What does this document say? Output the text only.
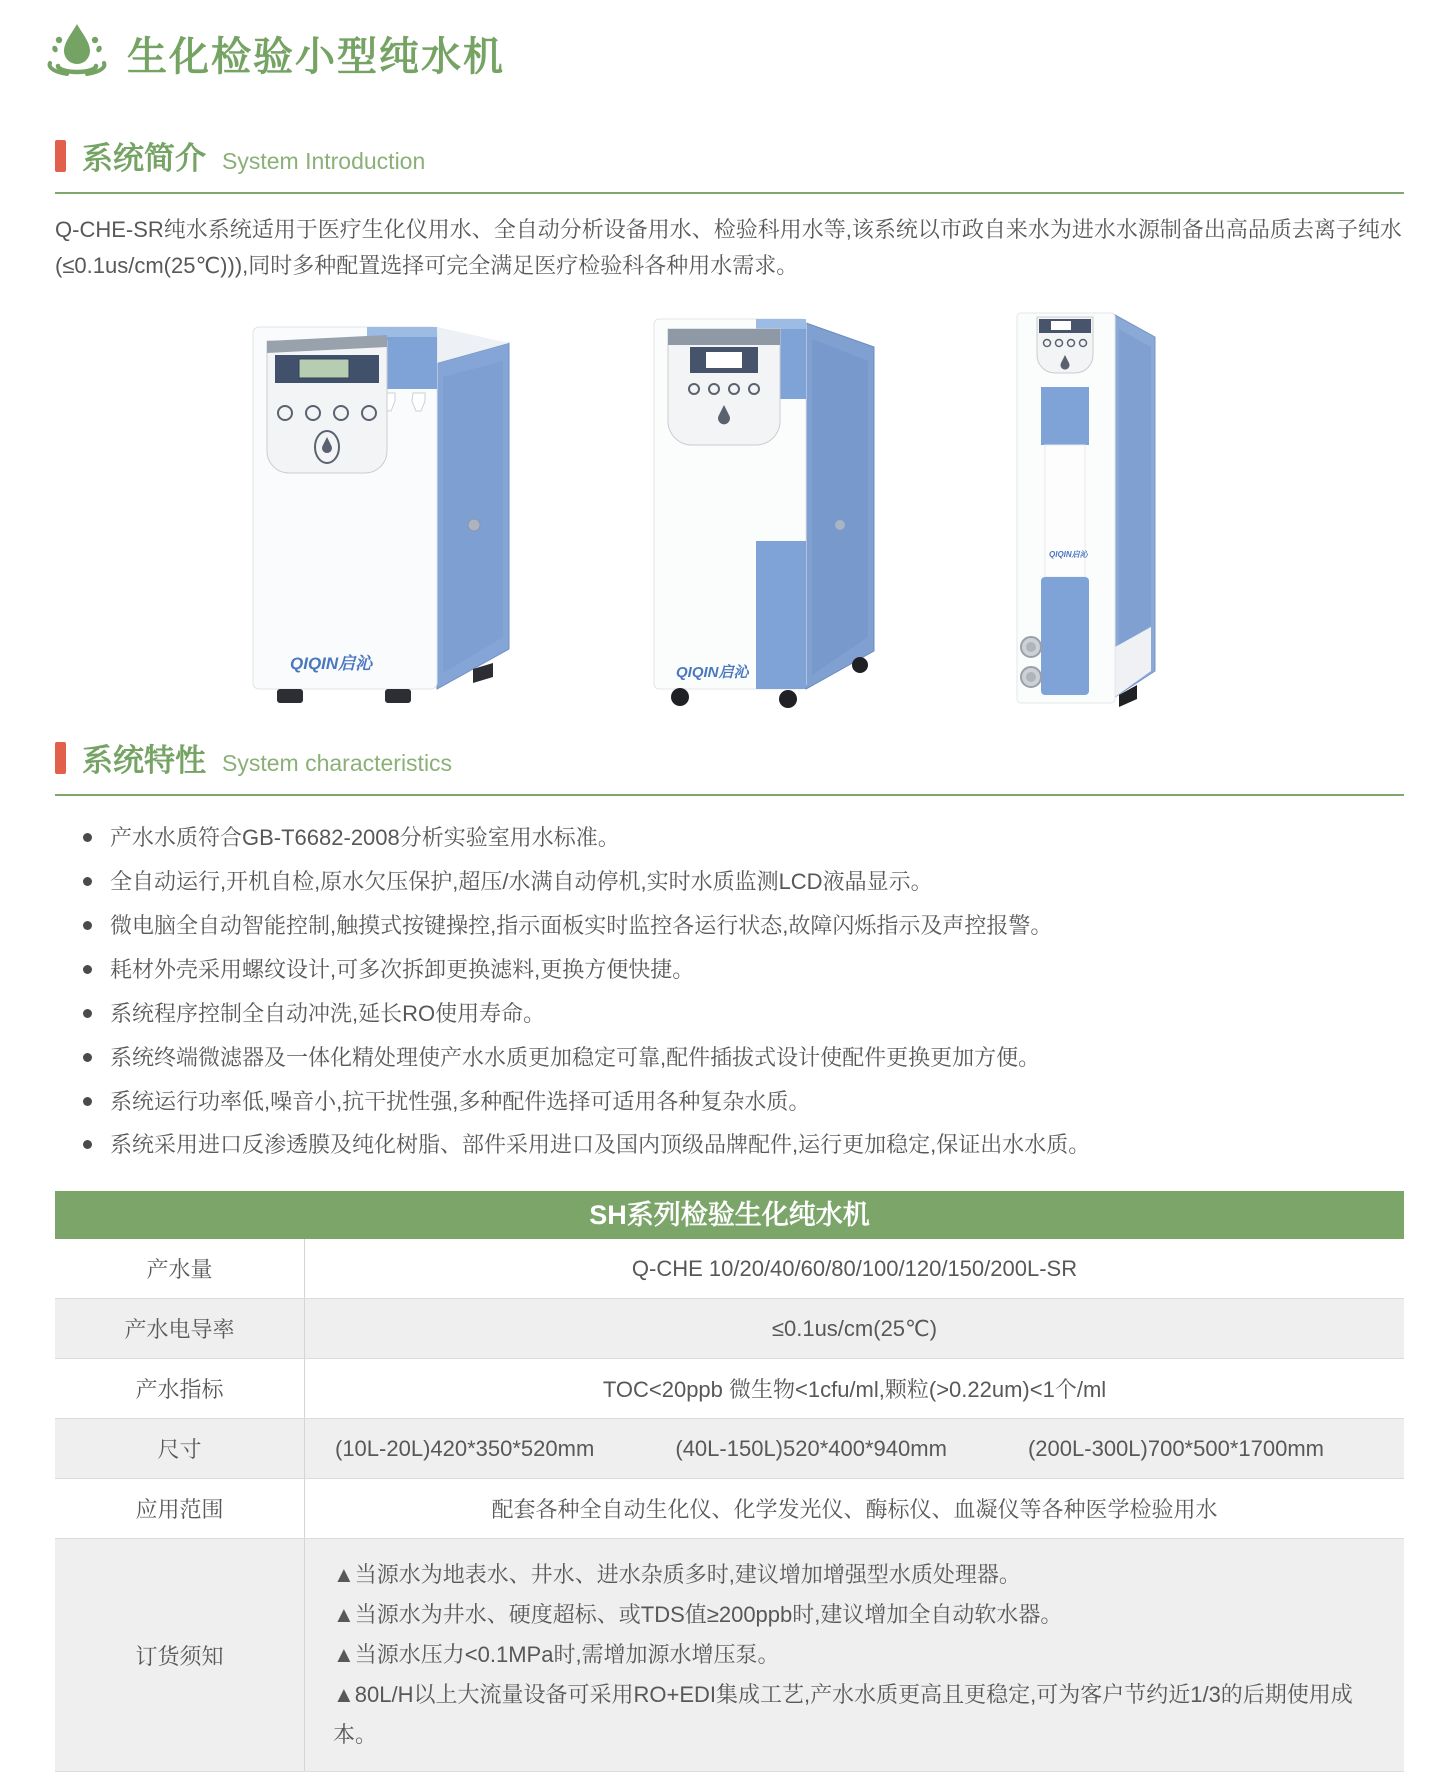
生化检验小型纯水机
系统简介 System Introduction

Q-CHE-SR纯水系统适用于医疗生化仪用水、全自动分析设备用水、检验科用水等,该系统以市政自来水为进水水源制备出高品质去离子纯水(≤0.1us/cm(25℃))),同时多种配置选择可完全满足医疗检验科各种用水需求。

QIQIN启沁	QIQIN启沁
QIQIN启沁
系统特性 System characteristics
产水水质符合GB-T6682-2008分析实验室用水标准。
全自动运行,开机自检,原水欠压保护,超压/水满自动停机,实时水质监测LCD液晶显示。
微电脑全自动智能控制,触摸式按键操控,指示面板实时监控各运行状态,故障闪烁指示及声控报警。
耗材外壳采用螺纹设计,可多次拆卸更换滤料,更换方便快捷。
系统程序控制全自动冲洗,延长RO使用寿命。
系统终端微滤器及一体化精处理使产水水质更加稳定可靠,配件插拔式设计使配件更换更加方便。
系统运行功率低,噪音小,抗干扰性强,多种配件选择可适用各种复杂水质。
系统采用进口反渗透膜及纯化树脂、部件采用进口及国内顶级品牌配件,运行更加稳定,保证出水水质。
SH系列检验生化纯水机
产水量	Q-CHE 10/20/40/60/80/100/120/150/200L-SR
产水电导率	≤0.1us/cm(25℃)
产水指标	TOC<20ppb 微生物<1cfu/ml,颗粒(>0.22um)<1个/ml
尺寸	(10L-20L)420*350*520mm	(40L-150L)520*400*940mm	(200L-300L)700*500*1700mm
应用范围	配套各种全自动生化仪、化学发光仪、酶标仪、血凝仪等各种医学检验用水
订货须知
▲当源水为地表水、井水、进水杂质多时,建议增加增强型水质处理器。
▲当源水为井水、硬度超标、或TDS值≥200ppb时,建议增加全自动软水器。
▲当源水压力<0.1MPa时,需增加源水增压泵。
▲80L/H以上大流量设备可采用RO+EDI集成工艺,产水水质更高且更稳定,可为客户节约近1/3的后期使用成本。
